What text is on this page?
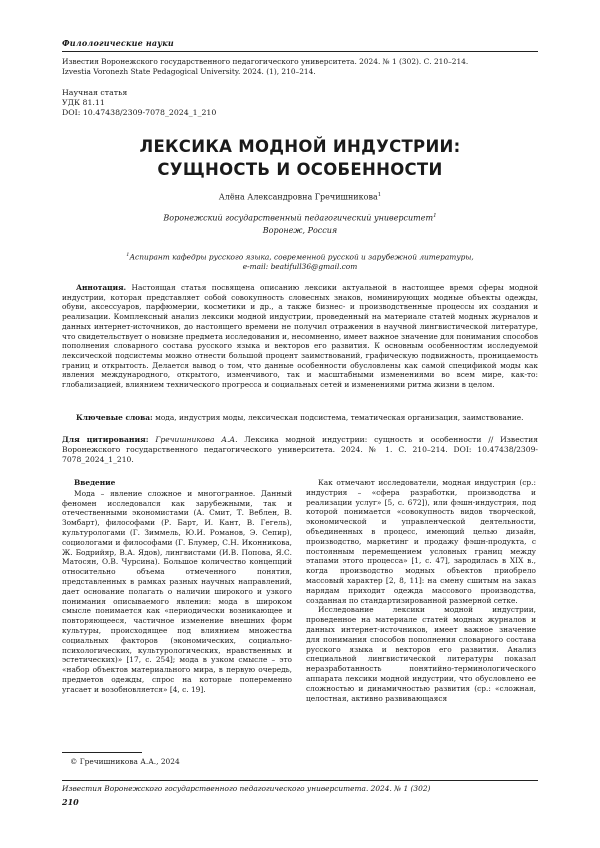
Филологические науки
Известия Воронежского государственного педагогического университета. 2024. № 1 (302). С. 210–214.
Izvestia Voronezh State Pedagogical University. 2024. (1), 210–214.
Научная статья
УДК 81.11
DOI: 10.47438/2309-7078_2024_1_210
ЛЕКСИКА МОДНОЙ ИНДУСТРИИ:
СУЩНОСТЬ И ОСОБЕННОСТИ
Алёна Александровна Гречишникова$^1$
Воронежский государственный педагогический университет$^1$
Воронеж, Россия
$^1$Аспирант кафедры русского языка, современной русской и зарубежной литературы,
e-mail: beatifull36@gmail.com
Аннотация. Настоящая статья посвящена описанию лексики актуальной в настоящее время сферы модной индустрии, которая представляет собой совокупность словесных знаков, номинирующих модные объекты одежды, обуви, аксессуаров, парфюмерии, косметики и др., а также бизнес- и производственные процессы их создания и реализации. Комплексный анализ лексики модной индустрии, проведенный на материале статей модных журналов и данных интернет-источников, до настоящего времени не получил отражения в научной лингвистической литературе, что свидетельствует о новизне предмета исследования и, несомненно, имеет важное значение для понимания способов пополнения словарного состава русского языка и векторов его развития. К основным особенностям исследуемой лексической подсистемы можно отнести большой процент заимствований, графическую подвижность, проницаемость границ и открытость. Делается вывод о том, что данные особенности обусловлены как самой спецификой моды как явления международного, открытого, изменчивого, так и масштабными изменениями во всем мире, как-то: глобализацией, влиянием технического прогресса и социальных сетей и изменениями ритма жизни в целом.
Ключевые слова: мода, индустрия моды, лексическая подсистема, тематическая организация, заимствование.
Для цитирования: Гречишникова А.А. Лексика модной индустрии: сущность и особенности // Известия Воронежского государственного педагогического университета. 2024. № 1. С. 210–214. DOI: 10.47438/2309-7078_2024_1_210.
Введение

Мода – явление сложное и многогранное. Данный феномен исследовался как зарубежными, так и отечественными экономистами (А. Смит, Т. Веблен, В. Зомбарт), философами (Р. Барт, И. Кант, В. Гегель), культурологами (Г. Зиммель, Ю.И. Романов, Э. Сепир), социологами и философами (Г. Блумер, С.Н. Иконникова, Ж. Бодрийяр, В.А. Ядов), лингвистами (И.В. Попова, Я.С. Матосян, О.В. Чурсина). Большое количество концепций относительно объема отмеченного понятия, представленных в рамках разных научных направлений, дает основание полагать о наличии широкого и узкого понимания описываемого явления: мода в широком смысле понимается как «периодически возникающее и повторяющееся, частичное изменение внешних форм культуры, происходящее под влиянием множества социальных факторов (экономических, социально-психологических, культурологических, нравственных и эстетических)» [17, с. 254]; мода в узком смысле – это «набор объектов материального мира, в первую очередь, предметов одежды, спрос на которые попеременно угасает и возобновляется» [4, с. 19].

Как отмечают исследователи, модная индустрия (ср.: индустрия – «сфера разработки, производства и реализации услуг» [5, с. 672]), или фэшн-индустрия, под которой понимается «совокупность видов творческой, экономической и управленческой деятельности, объединенных в процесс, имеющий целью дизайн, производство, маркетинг и продажу фэшн-продукта, с постоянным перемещением условных границ между этапами этого процесса» [1, с. 47], зародилась в XIX в., когда производство модных объектов приобрело массовый характер [2, 8, 11]: на смену сшитым на заказ нарядам приходит одежда массового производства, созданная по стандартизированной размерной сетке.

Исследование лексики модной индустрии, проведенное на материале статей модных журналов и данных интернет-источников, имеет важное значение для понимания способов пополнения словарного состава русского языка и векторов его развития. Анализ специальной лингвистической литературы показал неразработанность понятийно-терминологического аппарата лексики модной индустрии, что обусловлено ее сложностью и динамичностью развития (ср.: «сложная, целостная, активно развивающаяся

© Гречишникова А.А., 2024
Известия Воронежского государственного педагогического университета. 2024. № 1 (302)
210
